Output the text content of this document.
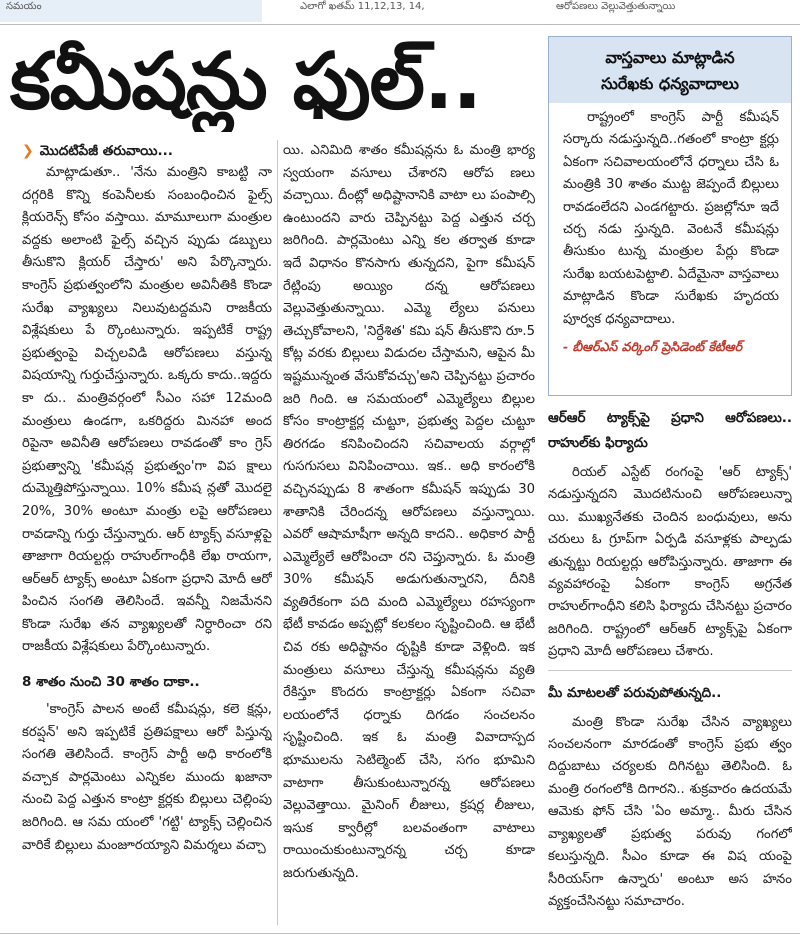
సమయం	ఎలాగో ఖతమ్ 11,12,13, 14,	ఆరోపణలు వెల్లువెత్తుతున్నాయి
కమీషన్లు ఫుల్..

❯ మొదటిపేజీ తరువాయి...

మాట్లాడుతూ.. 'నేను మంత్రిని కాబట్టి నా దగ్గరికి కొన్ని కంపెనీలకు సంబంధించిన ఫైల్స్ క్లియరెన్స్ కోసం వస్తాయి. మామూలుగా మంత్రుల వద్దకు అలాంటి ఫైల్స్ వచ్చిన ప్పుడు డబ్బులు తీసుకొని క్లియర్ చేస్తారు' అని పేర్కొన్నారు. కాంగ్రెస్ ప్రభుత్వంలోని మంత్రుల అవినీతికి కొండా సురేఖ వ్యాఖ్యలు నిలువుటద్దమని రాజకీయ విశ్లేషకులు పే ర్కొంటున్నారు. ఇప్పటికే రాష్ట్ర ప్రభుత్వంపై విచ్చలవిడి ఆరోపణలు వస్తున్న విషయాన్ని గుర్తుచేస్తున్నారు. ఒక్కరు కాదు..ఇద్దరు కా దు.. మంత్రివర్గంలో సీఎం సహా 12మంది మంత్రులు ఉండగా, ఒకరిద్దరు మినహా అంద రిపైనా అవినీతి ఆరోపణలు రావడంతో కాం గ్రెస్ ప్రభుత్వాన్ని 'కమీషన్ల ప్రభుత్వం'గా విప క్షాలు దుమ్మెత్తిపోస్తున్నాయి. 10% కమీష న్లతో మొదలై 20%, 30% అంటూ మంత్రు లపై ఆరోపణలు రావడాన్ని గుర్తు చేస్తున్నారు. ఆర్ ట్యాక్స్ వసూళ్లపై తాజాగా రియల్టర్లు రాహుల్‌గాంధీకి లేఖ రాయగా, ఆర్‌ఆర్ ట్యాక్స్ అంటూ ఏకంగా ప్రధాని మోదీ ఆరో పించిన సంగతి తెలిసిందే. ఇవన్నీ నిజమేనని కొండా సురేఖ తన వ్యాఖ్యలతో నిర్ధారించా రని రాజకీయ విశ్లేషకులు పేర్కొంటున్నారు.

8 శాతం నుంచి 30 శాతం దాకా..

'కాంగ్రెస్ పాలన అంటే కమీషన్లు, కలె క్షన్లు, కరప్షన్' అని ఇప్పటికే ప్రతిపక్షాలు ఆరో పిస్తున్న సంగతి తెలిసిందే. కాంగ్రెస్ పార్టీ అధి కారంలోకి వచ్చాక పార్లమెంటు ఎన్నికల ముందు ఖజానా నుంచి పెద్ద ఎత్తున కాంట్రా క్టర్లకు బిల్లులు చెల్లింపు జరిగింది. ఆ సమ యంలో 'గట్టి' ట్యాక్స్ చెల్లించిన వారికే బిల్లులు మంజూరయ్యాని విమర్శలు వచ్చా

యి. ఎనిమిది శాతం కమీషన్లను ఓ మంత్రి భార్య స్వయంగా వసూలు చేశారని ఆరోప ణలు వచ్చాయి. దీంట్లో అధిష్టానానికి వాటా లు పంపాల్సి ఉంటుందని వారు చెప్పినట్టు పెద్ద ఎత్తున చర్చ జరిగింది. పార్లమెంటు ఎన్ని కల తర్వాత కూడా ఇదే విధానం కొనసాగు తున్నదని, పైగా కమీషన్ రేట్లింపు అయ్యిం దన్న ఆరోపణలు వెల్లువెత్తుతున్నాయి. ఎమ్మె ల్యేలు పనులు తెచ్చుకోవాలని, 'నిర్దేశిత' కమి షన్ తీసుకొని రూ.5 కోట్ల వరకు బిల్లులు విడుదల చేస్తామని, ఆపైన మీ ఇష్టమున్నంత వేసుకోవచ్చు'అని చెప్పినట్టు ప్రచారం జరి గింది. ఆ సమయంలో ఎమ్మెల్యేలు బిల్లుల కోసం కాంట్రాక్టర్ల చుట్టూ, ప్రభుత్వ పెద్దల చుట్టూ తిరగడం కనిపించిందని సచివాలయ వర్గాల్లో గుసగుసలు వినిపించాయి. ఇక.. అధి కారంలోకి వచ్చినప్పుడు 8 శాతంగా కమీషన్ ఇప్పుడు 30 శాతానికి చేరిందన్న ఆరోపణలు వస్తున్నాయి. ఎవరో ఆషామాషీగా అన్నది కాదని.. అధికార పార్టీ ఎమ్మెల్యేలే ఆరోపించా రని చెప్తున్నారు. ఓ మంత్రి 30% కమీషన్ అడుగుతున్నారని, దీనికి వ్యతిరేకంగా పది మంది ఎమ్మెల్యేలు రహస్యంగా భేటీ కావడం అప్పట్లో కలకలం సృష్టించింది. ఆ భేటీ చివ రకు అధిష్టానం దృష్టికి కూడా వెళ్లింది. ఇక మంత్రులు వసూలు చేస్తున్న కమీషన్లను వ్యతి రేకిస్తూ కొందరు కాంట్రాక్టర్లు ఏకంగా సచివా లయంలోనే ధర్నాకు దిగడం సంచలనం సృష్టించింది. ఇక ఓ మంత్రి వివాదాస్పద భూములను సెటిల్మెంట్ చేసి, సగం భూమిని వాటాగా తీసుకుంటున్నారన్న ఆరోపణలు వెల్లువెత్తాయి. మైనింగ్ లీజులు, క్రషర్ల లీజులు, ఇసుక క్వారీల్లో బలవంతంగా వాటాలు రాయించుకుంటున్నారన్న చర్చ కూడా జరుగుతున్నది.

వాస్తవాలు మాట్లాడిన
సురేఖకు ధన్యవాదాలు

రాష్ట్రంలో కాంగ్రెస్ పార్టీ కమీషన్ సర్కారు నడుస్తున్నది..గతంలో కాంట్రా క్టర్లు ఏకంగా సచివాలయంలోనే ధర్నాలు చేసి ఓ మంత్రికి 30 శాతం ముట్ట జెప్పందే బిల్లులు రావడంలేదని ఎండగట్టారు. ప్రజల్లోనూ ఇదే చర్చ నడు స్తున్నది. వెంటనే కమీషన్లు తీసుకుం టున్న మంత్రుల పేర్లు కొండా సురేఖ బయటపెట్టాలి. ఏదేమైనా వాస్తవాలు మాట్లాడిన కొండా సురేఖకు హృదయ పూర్వక ధన్యవాదాలు.

- బీఆర్ఎస్ వర్కింగ్ ప్రెసిడెంట్ కేటీఆర్
ఆర్‌ఆర్ ట్యాక్స్‌పై ప్రధాని ఆరోపణలు.. రాహుల్‌కు ఫిర్యాదు

రియల్ ఎస్టేట్ రంగంపై 'ఆర్ ట్యాక్స్' నడుస్తున్నదని మొదటినుంచి ఆరోపణలున్నా యి. ముఖ్యనేతకు చెందిన బంధువులు, అను చరులు ఓ గ్రూప్‌గా ఏర్పడి వసూళ్లకు పాల్పడు తున్నట్టు రియల్టర్లు ఆరోపిస్తున్నారు. తాజాగా ఈ వ్యవహారంపై ఏకంగా కాంగ్రెస్ అగ్రనేత రాహుల్‌గాంధీని కలిసి ఫిర్యాదు చేసినట్టు ప్రచారం జరిగింది. రాష్ట్రంలో ఆర్‌ఆర్ ట్యాక్స్‌పై ఏకంగా ప్రధాని మోదీ ఆరోపణలు చేశారు.

మీ మాటలతో పరువుపోతున్నది..

మంత్రి కొండా సురేఖ చేసిన వ్యాఖ్యలు సంచలనంగా మారడంతో కాంగ్రెస్ ప్రభు త్వం దిద్దుబాటు చర్యలకు దిగినట్టు తెలిసింది. ఓ మంత్రి రంగంలోకి దిగారని.. శుక్రవారం ఉదయమే ఆమెకు ఫోన్ చేసి 'ఏం అమ్మా.. మీరు చేసిన వ్యాఖ్యలతో ప్రభుత్వ పరువు గంగలో కలుస్తున్నది. సీఎం కూడా ఈ విష యంపై సీరియస్‌గా ఉన్నారు' అంటూ అస హనం వ్యక్తంచేసినట్టు సమాచారం.
